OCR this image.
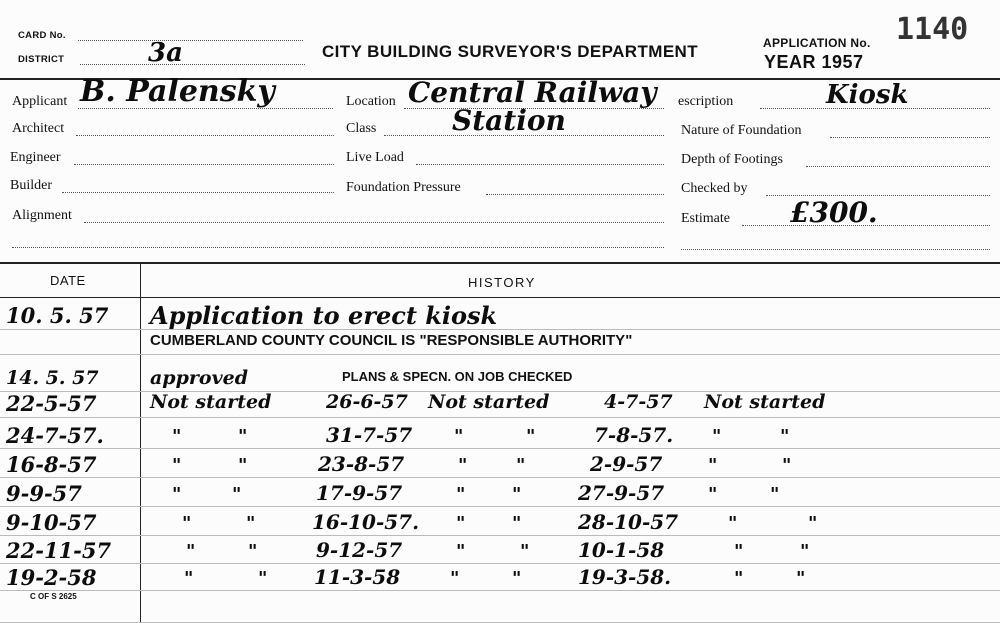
CARD No.
DISTRICT	3a	CITY BUILDING SURVEYOR'S DEPARTMENT	APPLICATION No. 1140
YEAR 1957
Applicant B. Palensky
Architect
Engineer
Builder
Alignment
Location Central Railway
Class	Station
Live Load
Foundation Pressure
escription	Kiosk
Nature of Foundation
Depth of Footings
Checked by
Estimate £300.
DATE	HISTORY
10. 5. 57	Application to erect kiosk
CUMBERLAND COUNTY COUNCIL IS "RESPONSIBLE AUTHORITY"
14. 5. 57	approved	PLANS & SPECN. ON JOB CHECKED
22-5-57	Not started	26-6-57 Not started	4-7-57 Not started
24-7-57.	"	"	31-7-57 "	"	7-8-57. "	"
16-8-57	"	"	23-8-57	"	"	2-9-57	"	"
9-9-57	"	"	17-9-57	"	"	27-9-57 "	"
9-10-57	"	"	16-10-57. "	"	28-10-57	"	"
22-11-57	"	"	9-12-57	"	" 10-1-58	"	"
19-2-58	"	" 11-3-58	"	"	19-3-58.	"	"
C OF S 2625
